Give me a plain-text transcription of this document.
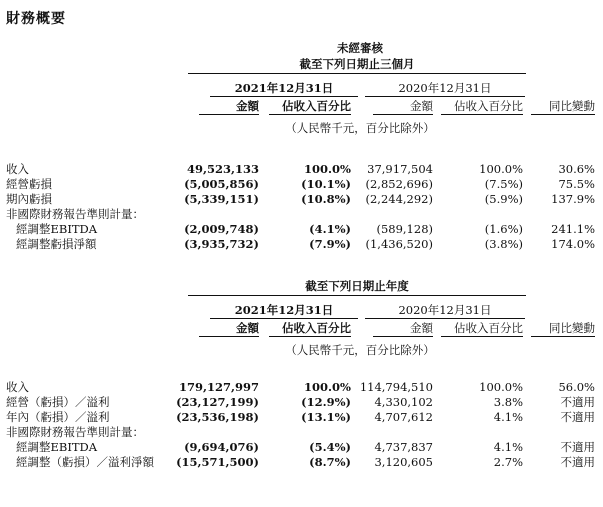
財務概要
未經審核
截至下列日期止三個月
2021年12月31日	2020年12月31日
金額	佔收入百分比	金額	佔收入百分比	同比變動
（人民幣千元，百分比除外）
收入	49,523,133	100.0% 37,917,504	100.0%	30.6%
經營虧損	(5,005,856)	(10.1%) (2,852,696)	(7.5%)	75.5%
期內虧損	(5,339,151)	(10.8%) (2,244,292)	(5.9%) 137.9%
非國際財務報告準則計量：
經調整EBITDA	(2,009,748)	(4.1%) (589,128)	(1.6%) 241.1%
經調整虧損淨額	(3,935,732)	(7.9%) (1,436,520)	(3.8%) 174.0%
截至下列日期止年度
2021年12月31日	2020年12月31日
金額	佔收入百分比	金額	佔收入百分比	同比變動
（人民幣千元，百分比除外）
收入	179,127,997	100.0% 114,794,510	100.0%	56.0%
經營（虧損）／溢利	(23,127,199)	(12.9%) 4,330,102	3.8%	不適用
年內（虧損）／溢利	(23,536,198)	(13.1%) 4,707,612	4.1%	不適用
非國際財務報告準則計量：
經調整EBITDA	(9,694,076)	(5.4%) 4,737,837	4.1%	不適用
經調整（虧損）／溢利淨額 (15,571,500)	(8.7%) 3,120,605	2.7%	不適用
